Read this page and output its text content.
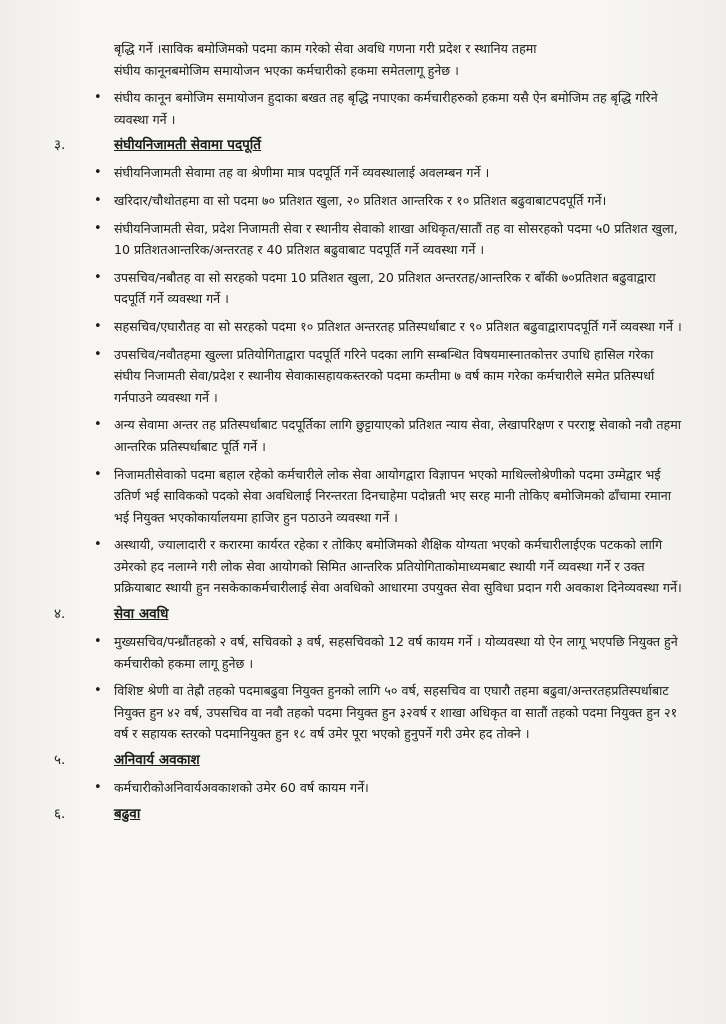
बृद्धि गर्ने ।साविक बमोजिमको पदमा काम गरेको सेवा अवधि गणना गरी प्रदेश र स्थानिय तहमा
संघीय कानूनबमोजिम समायोजन भएका कर्मचारीको हकमा समेतलागू हुनेछ ।
• संघीय कानून बमोजिम समायोजन हुदाका बखत तह बृद्धि नपाएका कर्मचारीहरुको हकमा यसै ऐन बमोजिम तह बृद्धि गरिने व्यवस्था गर्ने ।
३.	संघीयनिजामती सेवामा पदपूर्ति
• संघीयनिजामती सेवामा तह वा श्रेणीमा मात्र पदपूर्ति गर्ने व्यवस्थालाई अवलम्बन गर्ने ।
• खरिदार/चौथोतहमा वा सो पदमा ७० प्रतिशत खुला, २० प्रतिशत आन्तरिक र १० प्रतिशत बढुवाबाटपदपूर्ति गर्ने।
• संघीयनिजामती सेवा, प्रदेश निजामती सेवा र स्थानीय सेवाको शाखा अधिकृत/सातौं तह वा सोसरहको पदमा ५0 प्रतिशत खुला, 10 प्रतिशतआन्तरिक/अन्तरतह र 40 प्रतिशत बढुवाबाट पदपूर्ति गर्ने व्यवस्था गर्ने ।
• उपसचिव/नबौतह वा सो सरहको पदमा 10 प्रतिशत खुला, 20 प्रतिशत अन्तरतह/आन्तरिक र बाँकी ७०प्रतिशत बढुवाद्वारा पदपूर्ति गर्ने व्यवस्था गर्ने ।
• सहसचिव/एघारौतह वा सो सरहको पदमा १० प्रतिशत अन्तरतह प्रतिस्पर्धाबाट र ९० प्रतिशत बढुवाद्वारापदपूर्ति गर्ने व्यवस्था गर्ने ।
• उपसचिव/नवौतहमा खुल्ला प्रतियोगिताद्वारा पदपूर्ति गरिने पदका लागि सम्बन्धित विषयमास्नातकोत्तर उपाधि हासिल गरेका संघीय निजामती सेवा/प्रदेश र स्थानीय सेवाकासहायकस्तरको पदमा कम्तीमा ७ वर्ष काम गरेका कर्मचारीले समेत प्रतिस्पर्धा गर्नपाउने व्यवस्था गर्ने ।
• अन्य सेवामा अन्तर तह प्रतिस्पर्धाबाट पदपूर्तिका लागि छुट्टायाएको प्रतिशत न्याय सेवा, लेखापरिक्षण र परराष्ट्र सेवाको नवौ तहमा आन्तरिक प्रतिस्पर्धाबाट पूर्ति गर्ने ।
• निजामतीसेवाको पदमा बहाल रहेको कर्मचारीले लोक सेवा आयोगद्वारा विज्ञापन भएको माथिल्लोश्रेणीको पदमा उम्मेद्वार भई उतिर्ण भई साविकको पदको सेवा अवधिलाई निरन्तरता दिनचाहेमा पदोन्नती भए सरह मानी तोकिए बमोजिमको ढाँचामा रमाना भई नियुक्त भएकोकार्यालयमा हाजिर हुन पठाउने व्यवस्था गर्ने ।
• अस्थायी, ज्यालादारी र करारमा कार्यरत रहेका र तोकिए बमोजिमको शैक्षिक योग्यता भएको कर्मचारीलाईएक पटकको लागि उमेरको हद नलाग्ने गरी लोक सेवा आयोगको सिमित आन्तरिक प्रतियोगिताकोमाध्यमबाट स्थायी गर्ने व्यवस्था गर्ने र उक्त प्रक्रियाबाट स्थायी हुन नसकेकाकर्मचारीलाई सेवा अवधिको आधारमा उपयुक्त सेवा सुविधा प्रदान गरी अवकाश दिनेव्यवस्था गर्ने।
४.	सेवा अवधि
• मुख्यसचिव/पन्ध्रौंतहको २ वर्ष, सचिवको ३ वर्ष, सहसचिवको 12 वर्ष कायम गर्ने । योव्यवस्था यो ऐन लागू भएपछि नियुक्त हुने कर्मचारीको हकमा लागू हुनेछ ।
• विशिष्ट श्रेणी वा तेह्रौ तहको पदमाबढुवा नियुक्त हुनको लागि ५० वर्ष, सहसचिव वा एघारौ तहमा बढुवा/अन्तरतहप्रतिस्पर्धाबाट नियुक्त हुन ४२ वर्ष, उपसचिव वा नवौ तहको पदमा नियुक्त हुन ३२वर्ष र शाखा अधिकृत वा सातौं तहको पदमा नियुक्त हुन २१ वर्ष र सहायक स्तरको पदमानियुक्त हुन १८ वर्ष उमेर पूरा भएको हुनुपर्ने गरी उमेर हद तोक्ने ।
५.	अनिवार्य अवकाश
• कर्मचारीकोअनिवार्यअवकाशको उमेर 60 वर्ष कायम गर्ने।
६.	बढुवा
